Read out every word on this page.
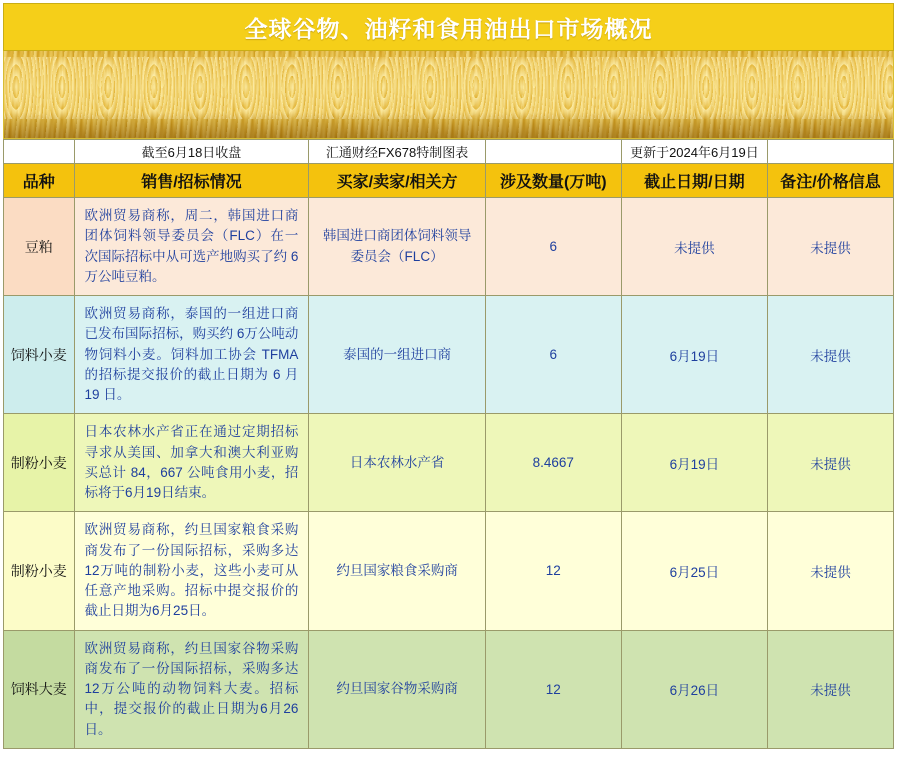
全球谷物、油籽和食用油出口市场概况
	截至6月18日收盘	汇通财经FX678特制图表		更新于2024年6月19日	
品种	销售/招标情况	买家/卖家/相关方	涉及数量(万吨)	截止日期/日期	备注/价格信息
豆粕	欧洲贸易商称，周二，韩国进口商团体饲料领导委员会（FLC）在一次国际招标中从可选产地购买了约 6万公吨豆粕。	韩国进口商团体饲料领导委员会（FLC）	6	未提供	未提供
饲料小麦	欧洲贸易商称，泰国的一组进口商已发布国际招标，购买约 6万公吨动物饲料小麦。饲料加工协会 TFMA 的招标提交报价的截止日期为 6 月 19 日。	泰国的一组进口商	6	6月19日	未提供
制粉小麦	日本农林水产省正在通过定期招标寻求从美国、加拿大和澳大利亚购买总计 84，667 公吨食用小麦，招标将于6月19日结束。	日本农林水产省	8.4667	6月19日	未提供
制粉小麦	欧洲贸易商称，约旦国家粮食采购商发布了一份国际招标，采购多达12万吨的制粉小麦，这些小麦可从任意产地采购。招标中提交报价的截止日期为6月25日。	约旦国家粮食采购商	12	6月25日	未提供
饲料大麦	欧洲贸易商称，约旦国家谷物采购商发布了一份国际招标，采购多达12万公吨的动物饲料大麦。招标中，提交报价的截止日期为6月26日。	约旦国家谷物采购商	12	6月26日	未提供
